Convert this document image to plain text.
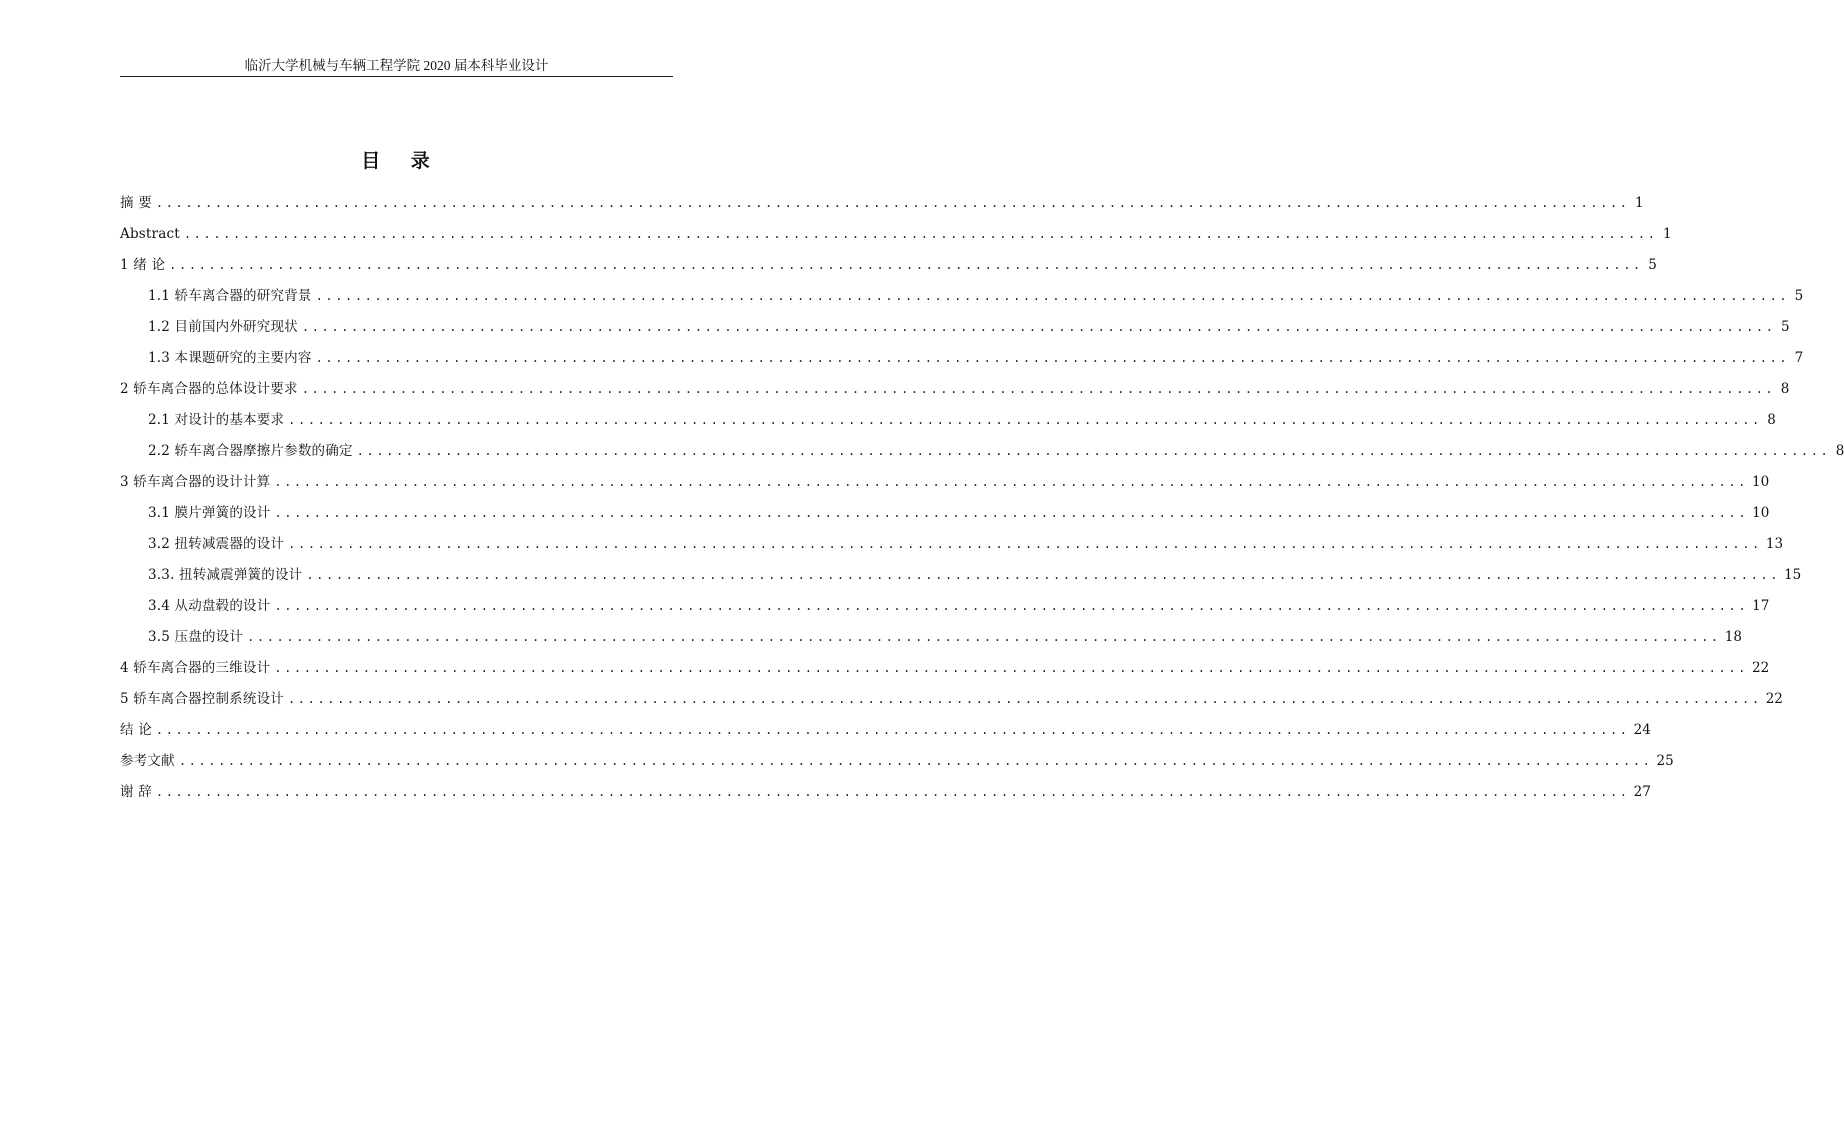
临沂大学机械与车辆工程学院 2020 届本科毕业设计
目 录
摘 要 ...................................................................................................................................................... 1
Abstract ...................................................................................................................................................... 1
1 绪 论 ...................................................................................................................................................... 5
1.1 轿车离合器的研究背景 ...................................................................................................................................................... 5
1.2 目前国内外研究现状 ...................................................................................................................................................... 5
1.3 本课题研究的主要内容 ...................................................................................................................................................... 7
2 轿车离合器的总体设计要求 ...................................................................................................................................................... 8
2.1 对设计的基本要求 ...................................................................................................................................................... 8
2.2 轿车离合器摩擦片参数的确定 ...................................................................................................................................................... 8
3 轿车离合器的设计计算 ...................................................................................................................................................... 10
3.1 膜片弹簧的设计 ...................................................................................................................................................... 10
3.2 扭转减震器的设计 ...................................................................................................................................................... 13
3.3. 扭转减震弹簧的设计 ...................................................................................................................................................... 15
3.4 从动盘毂的设计 ...................................................................................................................................................... 17
3.5 压盘的设计 ...................................................................................................................................................... 18
4 轿车离合器的三维设计 ...................................................................................................................................................... 22
5 轿车离合器控制系统设计 ...................................................................................................................................................... 22
结 论 ...................................................................................................................................................... 24
参考文献 ...................................................................................................................................................... 25
谢 辞 ...................................................................................................................................................... 27
